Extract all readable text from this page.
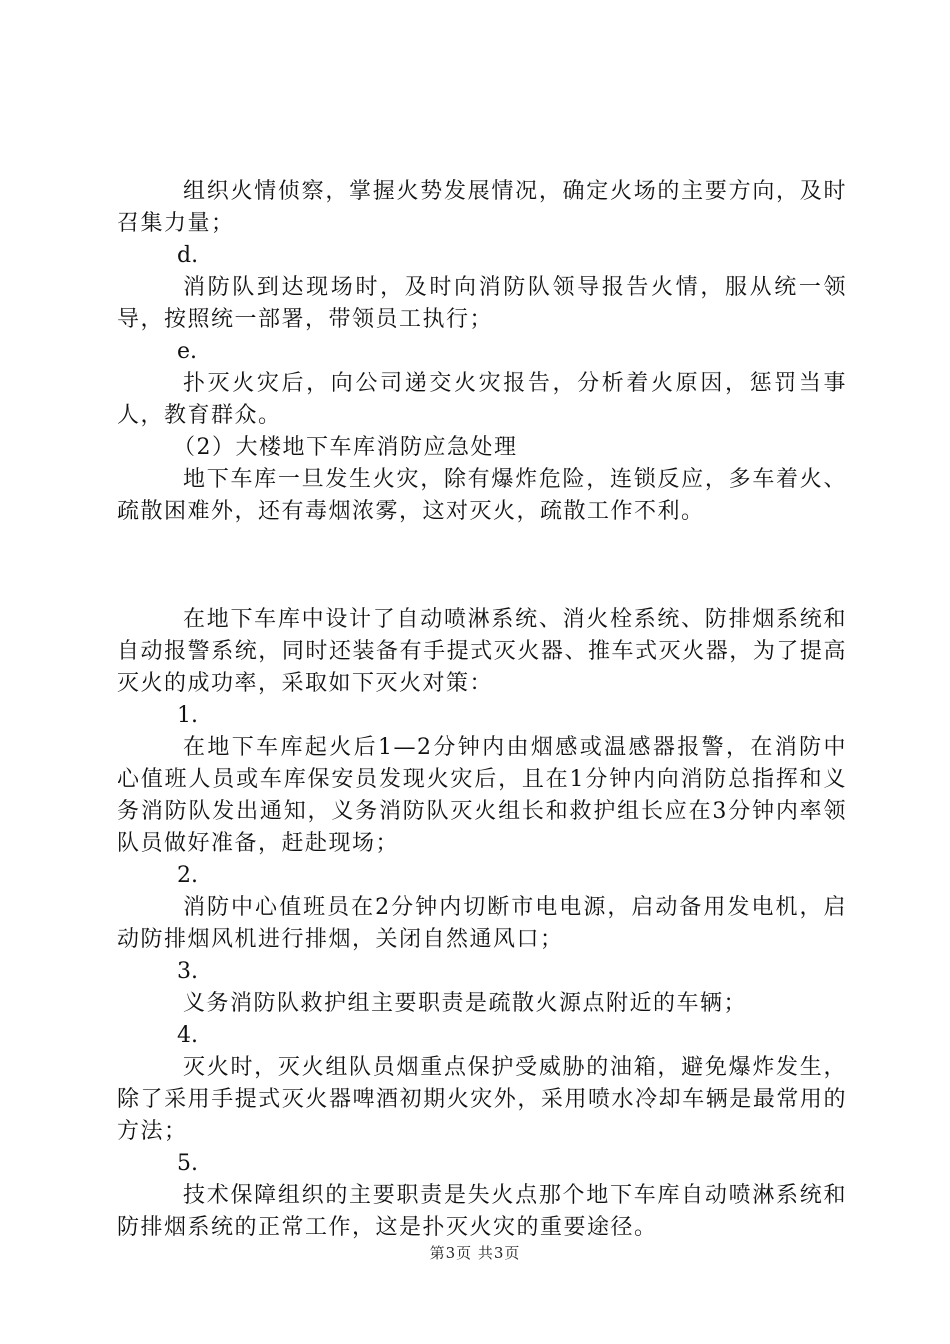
组织火情侦察，掌握火势发展情况，确定火场的主要方向，及时召集力量；

d.

消防队到达现场时，及时向消防队领导报告火情，服从统一领导，按照统一部署，带领员工执行；

e.

扑灭火灾后，向公司递交火灾报告，分析着火原因，惩罚当事人，教育群众。

（2）大楼地下车库消防应急处理

地下车库一旦发生火灾，除有爆炸危险，连锁反应，多车着火、疏散困难外，还有毒烟浓雾，这对灭火，疏散工作不利。

在地下车库中设计了自动喷淋系统、消火栓系统、防排烟系统和自动报警系统，同时还装备有手提式灭火器、推车式灭火器，为了提高灭火的成功率，采取如下灭火对策：

1.

在地下车库起火后1—2分钟内由烟感或温感器报警，在消防中心值班人员或车库保安员发现火灾后，且在1分钟内向消防总指挥和义务消防队发出通知，义务消防队灭火组长和救护组长应在3分钟内率领队员做好准备，赶赴现场；

2.

消防中心值班员在2分钟内切断市电电源，启动备用发电机，启动防排烟风机进行排烟，关闭自然通风口；

3.

义务消防队救护组主要职责是疏散火源点附近的车辆；

4.

灭火时，灭火组队员烟重点保护受威胁的油箱，避免爆炸发生，除了采用手提式灭火器啤酒初期火灾外，采用喷水冷却车辆是最常用的方法；

5.

技术保障组织的主要职责是失火点那个地下车库自动喷淋系统和防排烟系统的正常工作，这是扑灭火灾的重要途径。

第3页 共3页
